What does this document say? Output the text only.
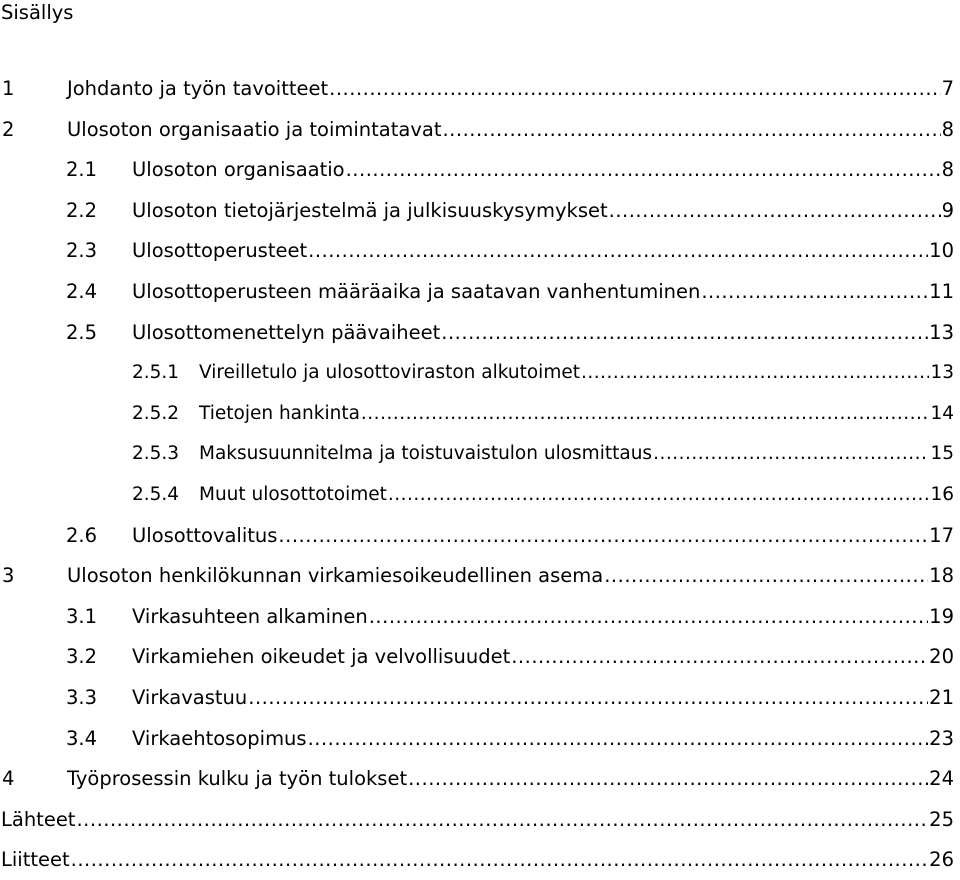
Sisällys
1	Johdanto ja työn tavoitteet .....	7
2	Ulosoton organisaatio ja toimintatavat .....	8
2.1 Ulosoton organisaatio .....	8
2.2 Ulosoton tietojärjestelmä ja julkisuuskysymykset .....	9
2.3 Ulosottoperusteet .....	10
2.4 Ulosottoperusteen määräaika ja saatavan vanhentuminen .....	11
2.5 Ulosottomenettelyn päävaiheet .....	13
2.5.1 Vireilletulo ja ulosottoviraston alkutoimet .....	13
2.5.2 Tietojen hankinta .....	14
2.5.3 Maksusuunnitelma ja toistuvaistulon ulosmittaus .....	15
2.5.4 Muut ulosottotoimet .....	16
2.6 Ulosottovalitus .....	17
3	Ulosoton henkilökunnan virkamiesoikeudellinen asema .....	18
3.1 Virkasuhteen alkaminen .....	19
3.2 Virkamiehen oikeudet ja velvollisuudet .....	20
3.3 Virkavastuu .....	21
3.4 Virkaehtosopimus .....	23
4	Työprosessin kulku ja työn tulokset .....	24
Lähteet .....	25
Liitteet .....	26
